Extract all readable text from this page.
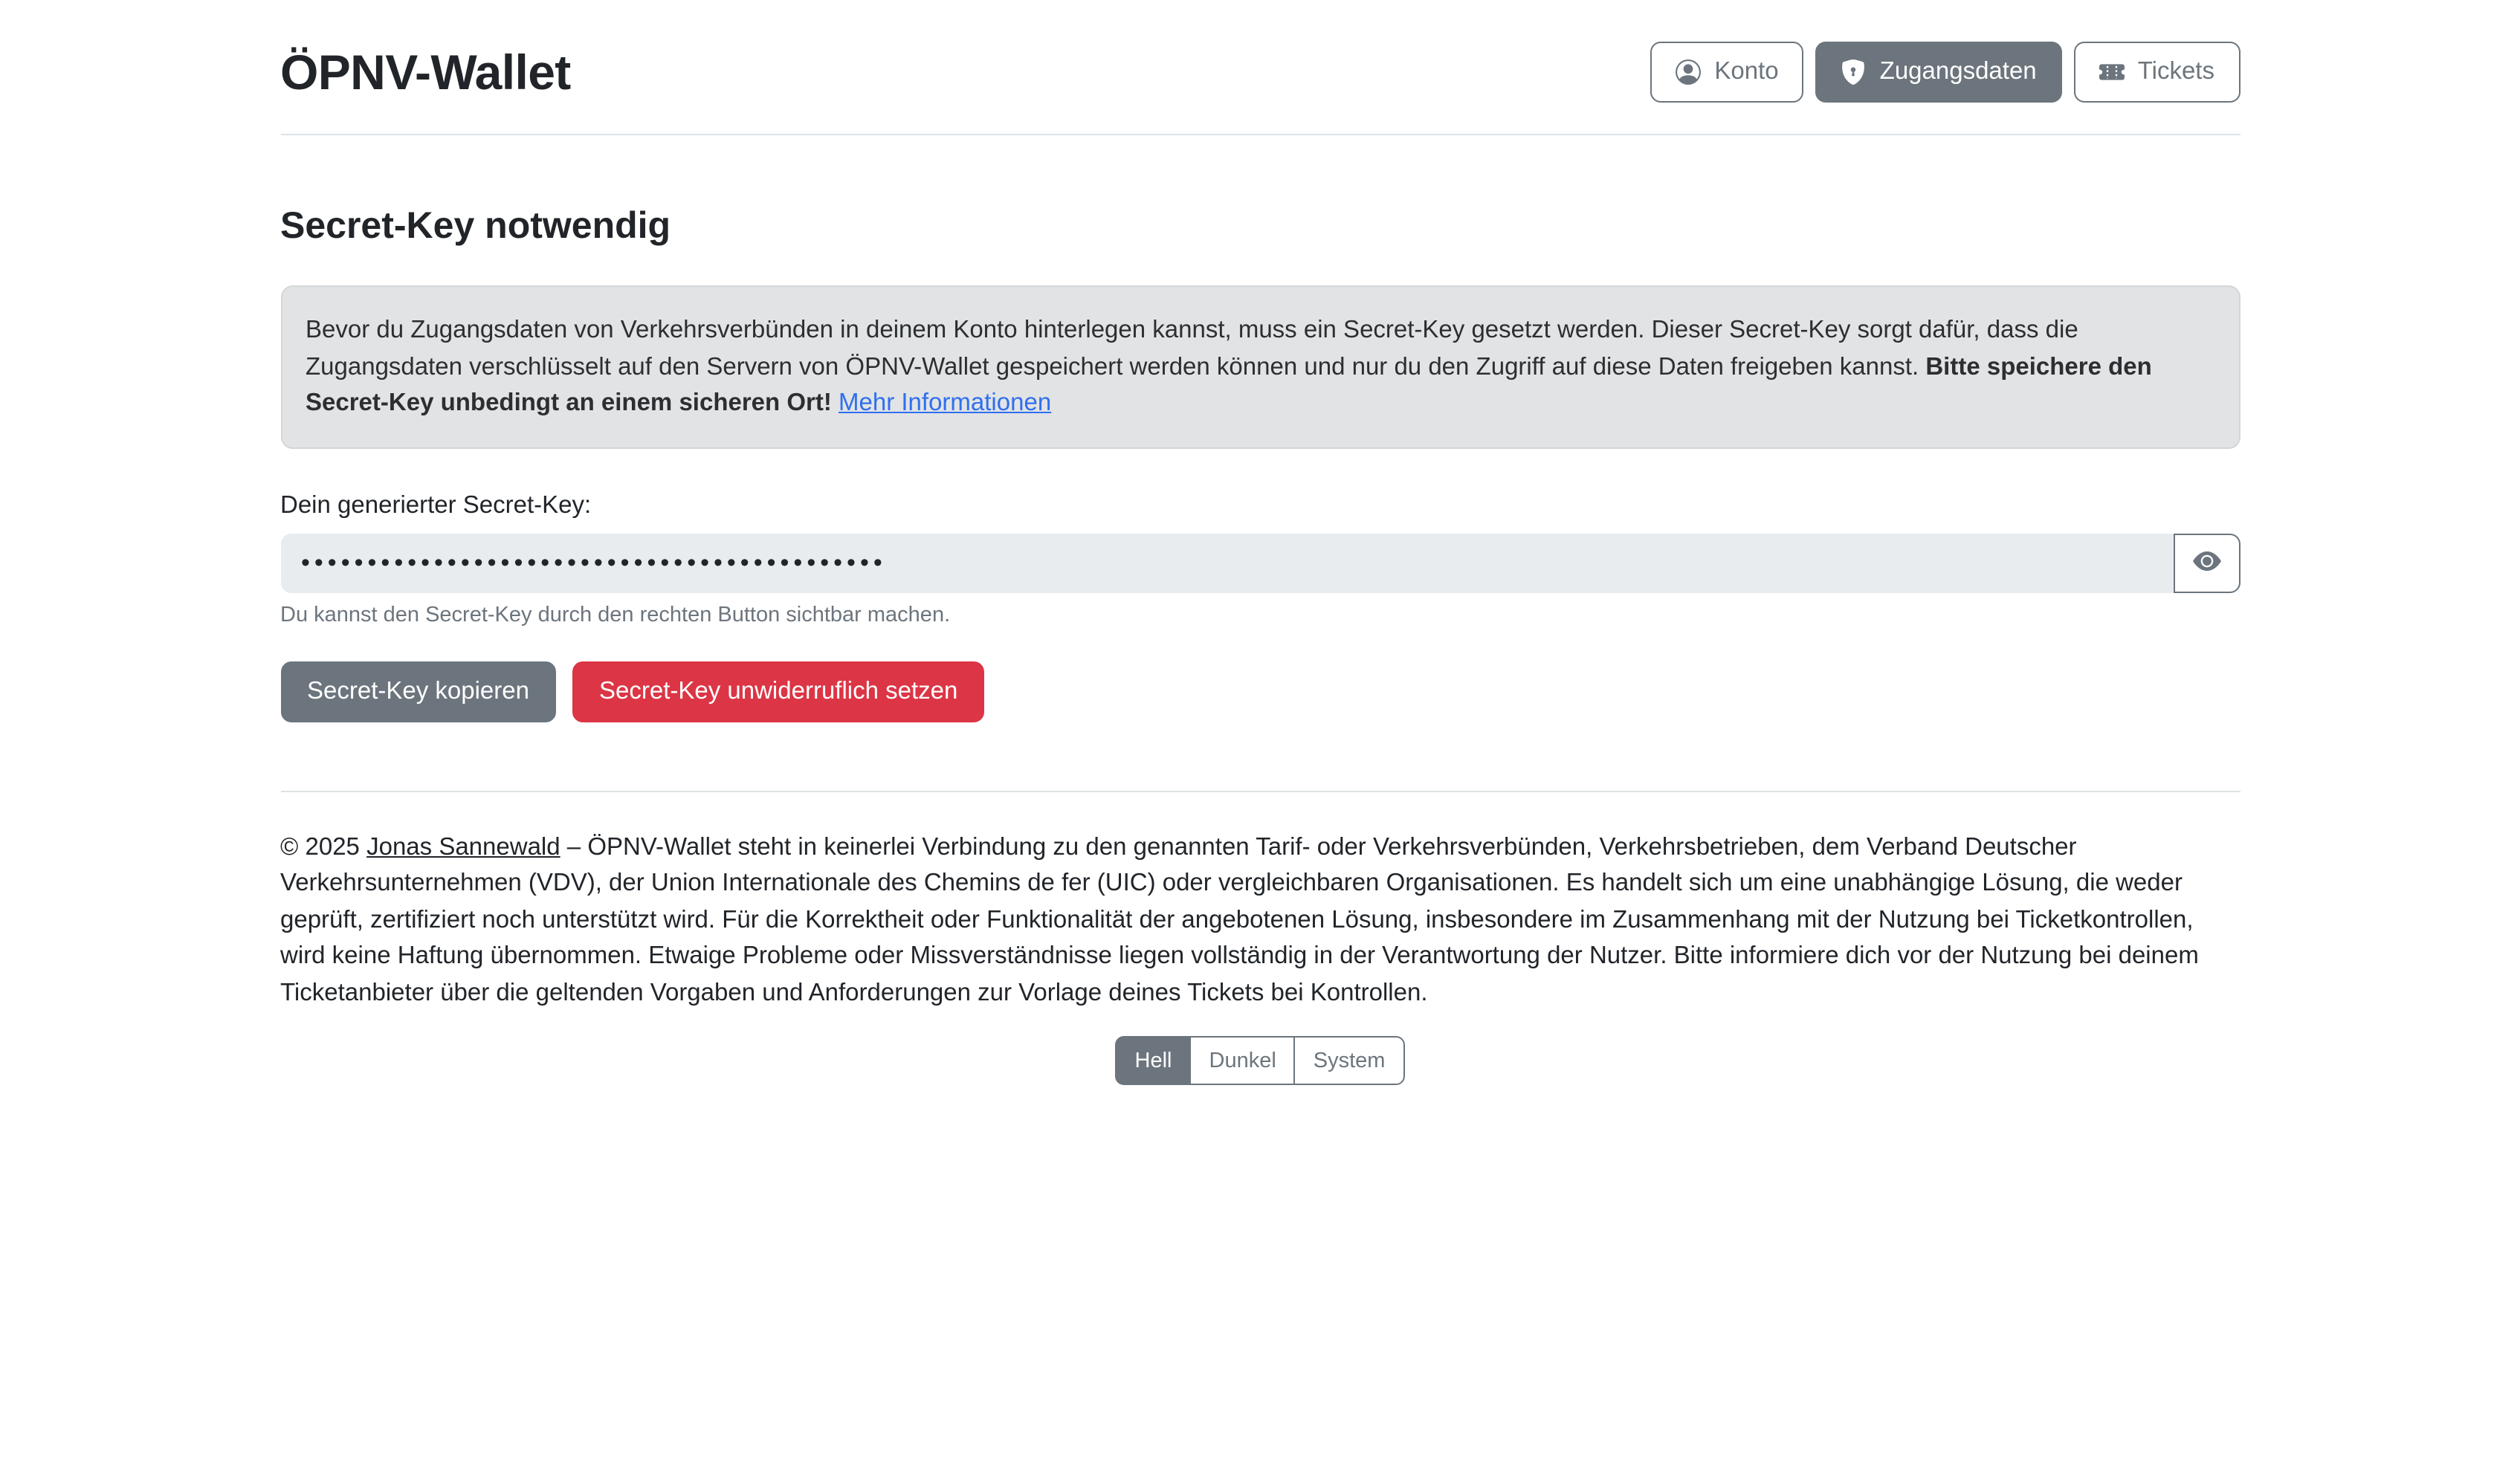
ÖPNV-Wallet	Konto	Zugangsdaten	Tickets
Secret-Key notwendig
Bevor du Zugangsdaten von Verkehrsverbünden in deinem Konto hinterlegen kannst, muss ein Secret-Key gesetzt werden. Dieser Secret-Key sorgt dafür, dass die Zugangsdaten verschlüsselt auf den Servern von ÖPNV-Wallet gespeichert werden können und nur du den Zugriff auf diese Daten freigeben kannst. Bitte speichere den Secret-Key unbedingt an einem sicheren Ort! Mehr Informationen
Dein generierter Secret-Key:
••••••••••••••••••••••••••••••••••••••••••••
Du kannst den Secret-Key durch den rechten Button sichtbar machen.
Secret-Key kopieren	Secret-Key unwiderruflich setzen

© 2025 Jonas Sannewald – ÖPNV-Wallet steht in keinerlei Verbindung zu den genannten Tarif- oder Verkehrsverbünden, Verkehrsbetrieben, dem Verband Deutscher Verkehrsunternehmen (VDV), der Union Internationale des Chemins de fer (UIC) oder vergleichbaren Organisationen. Es handelt sich um eine unabhängige Lösung, die weder geprüft, zertifiziert noch unterstützt wird. Für die Korrektheit oder Funktionalität der angebotenen Lösung, insbesondere im Zusammenhang mit der Nutzung bei Ticketkontrollen, wird keine Haftung übernommen. Etwaige Probleme oder Missverständnisse liegen vollständig in der Verantwortung der Nutzer. Bitte informiere dich vor der Nutzung bei deinem Ticketanbieter über die geltenden Vorgaben und Anforderungen zur Vorlage deines Tickets bei Kontrollen.

Hell	Dunkel	System
